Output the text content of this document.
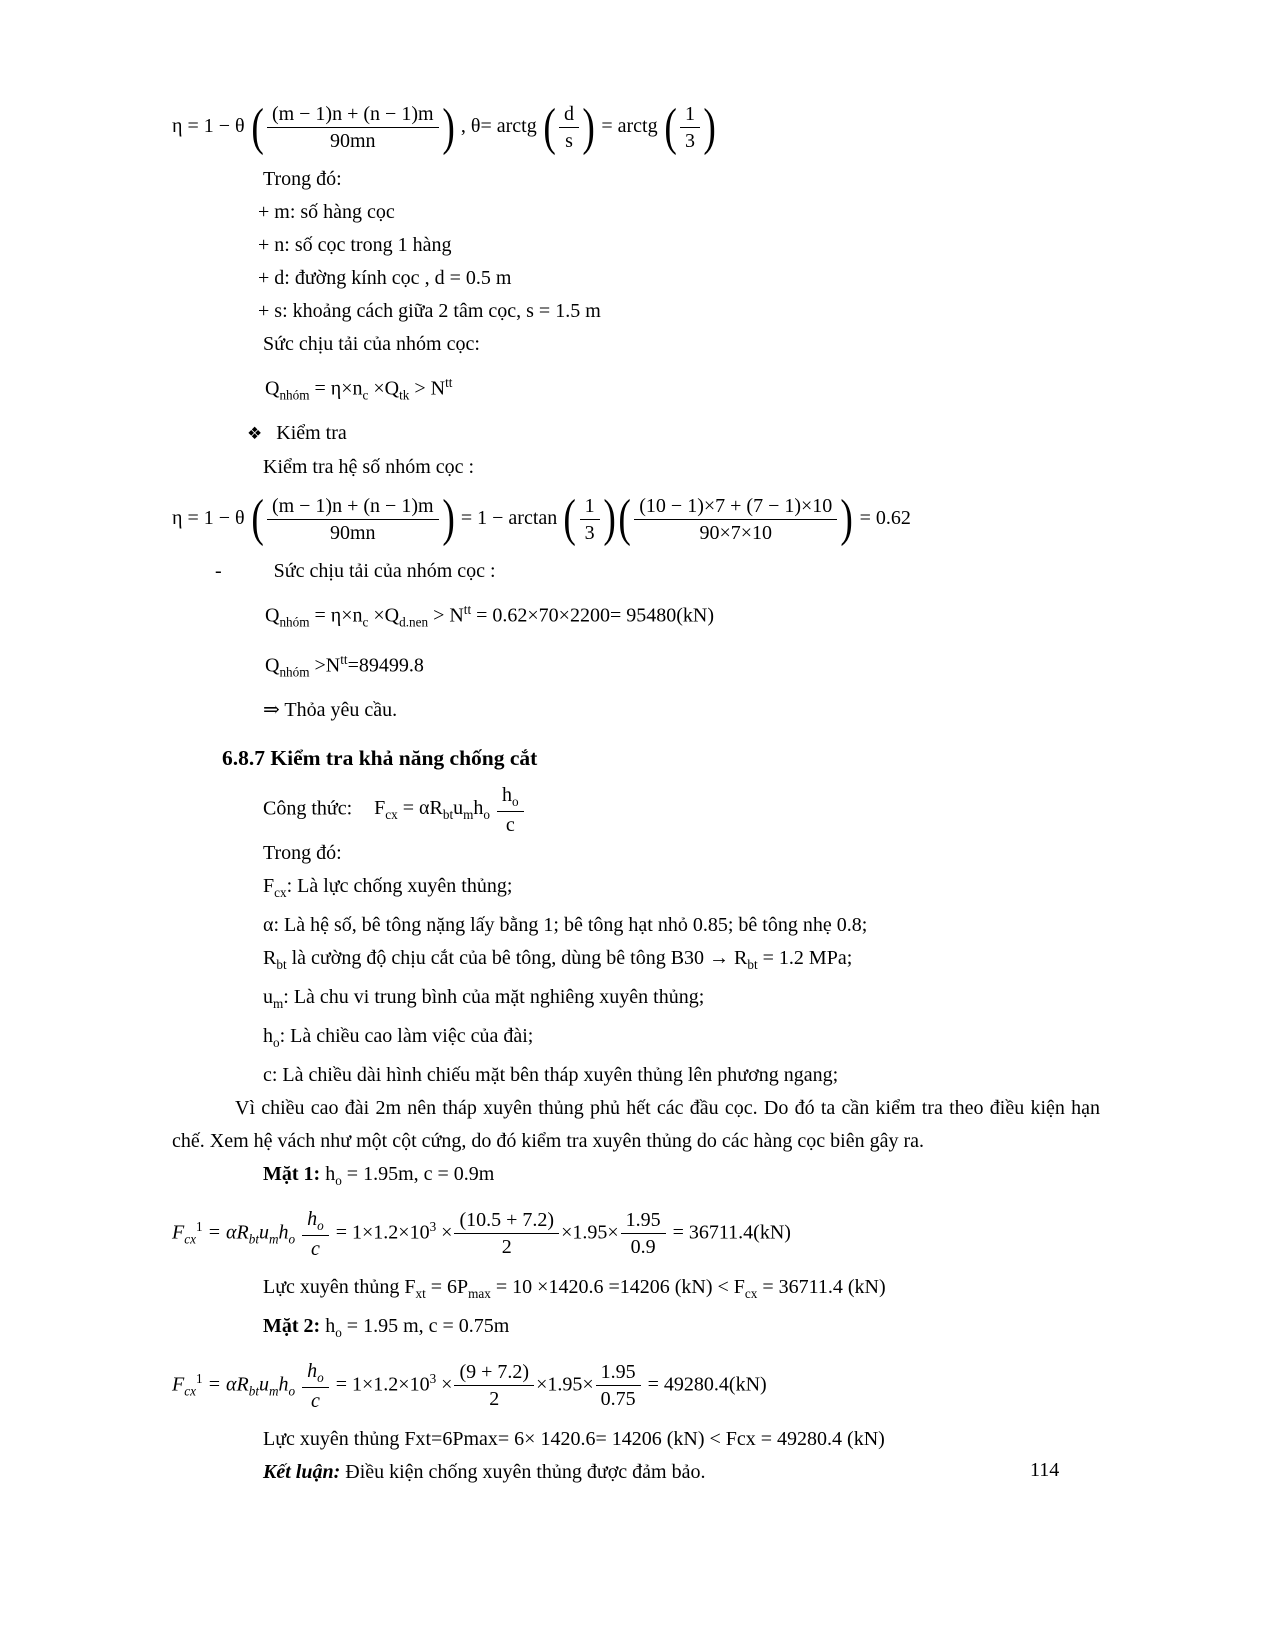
η = 1 − θ ( $\frac{(m - 1)n + (n - 1)m}{90mn}$ ) , θ= arctg ( $\frac{d}{s}$ ) = arctg ( $\frac{1}{3}$ )
Trong đó:
+ m: số hàng cọc
+ n: số cọc trong 1 hàng
+ d: đường kính cọc , d = 0.5 m
+ s: khoảng cách giữa 2 tâm cọc, s = 1.5 m
Sức chịu tải của nhóm cọc:
$Q_{nhóm} = \eta\times n_c \times Q_{tk} > N^{tt}$
❖ Kiểm tra
Kiểm tra hệ số nhóm cọc :
η = 1 − θ ( $\frac{(m - 1)n + (n - 1)m}{90mn}$ ) = 1 − arctan ( $\frac{1}{3}$ )( $\frac{(10 - 1)\times 7 + (7 - 1)\times 10}{90\times 7\times 10}$ ) = 0.62
-	Sức chịu tải của nhóm cọc :
$Q_{nhóm} = \eta\times n_c \times Q_{d.nen} > N^{tt} = 0.62\times 70\times 2200= 95480(kN)$
$Q_{nhóm} >N^{tt}=89499.8$
⇒ Thỏa yêu cầu.
6.8.7 Kiểm tra khả năng chống cắt
Công thức: $F_{cx} = \alpha R_{bt}u_mh_o \frac{h_o}{c}$
Trong đó:
$F_{cx}$: Là lực chống xuyên thủng;
α: Là hệ số, bê tông nặng lấy bằng 1; bê tông hạt nhỏ 0.85; bê tông nhẹ 0.8;
$R_{bt}$ là cường độ chịu cắt của bê tông, dùng bê tông $B30 \to R_{bt} = 1.2$ MPa;
$u_m$: Là chu vi trung bình của mặt nghiêng xuyên thủng;
$h_o$: Là chiều cao làm việc của đài;
c: Là chiều dài hình chiếu mặt bên tháp xuyên thủng lên phương ngang;
Vì chiều cao đài 2m nên tháp xuyên thủng phủ hết các đầu cọc. Do đó ta cần kiểm tra theo điều kiện hạn chế. Xem hệ vách như một cột cứng, do đó kiểm tra xuyên thủng do các hàng cọc biên gây ra.
Mặt 1: $h_o = 1.95m$, c = 0.9m
$F_{cx}^1 = \alpha R_{bt}u_mh_o \frac{h_o}{c} = 1\times 1.2\times 10^3 \times \frac{(10.5 + 7.2)}{2} \times 1.95\times \frac{1.95}{0.9} = 36711.4(kN)$
Lực xuyên thủng $F_{xt} = 6P_{max} = 10 \times 1420.6 =14206$ $(kN) < F_{cx} = 36711.4$ (kN)
Mặt 2: $h_o = 1.95$ m, c = 0.75m
$F_{cx}^1 = \alpha R_{bt}u_mh_o \frac{h_o}{c} = 1\times 1.2\times 10^3 \times \frac{(9 + 7.2)}{2} \times 1.95\times \frac{1.95}{0.75} = 49280.4(kN)$
Lực xuyên thủng Fxt=6Pmax= 6× 1420.6= 14206 (kN) < Fcx = 49280.4 (kN)
Kết luận: Điều kiện chống xuyên thủng được đảm bảo.	114
